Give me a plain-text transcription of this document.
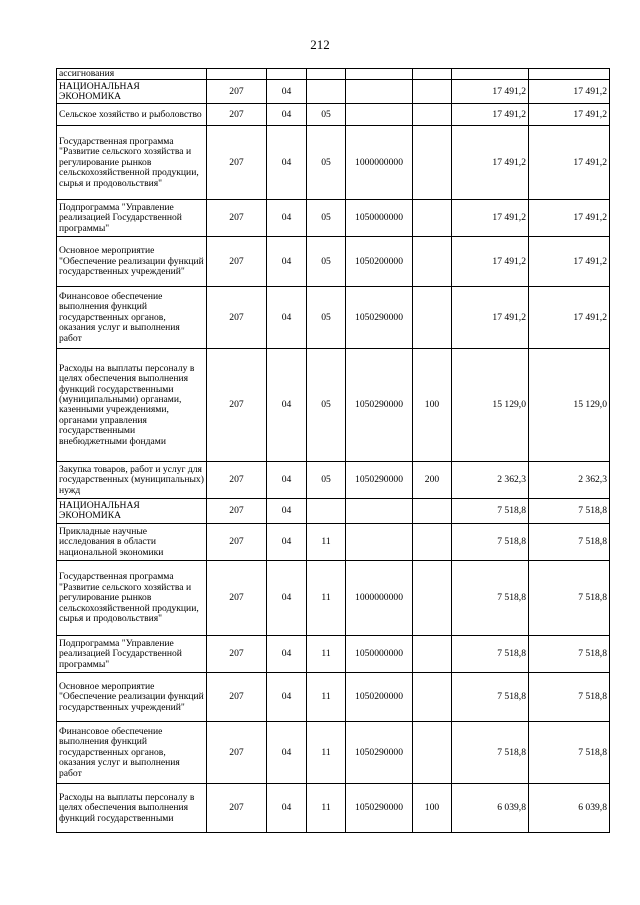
212
ассигнования							
НАЦИОНАЛЬНАЯ ЭКОНОМИКА	207	04				17 491,2	17 491,2
Сельское хозяйство и рыболовство	207	04	05			17 491,2	17 491,2
Государственная программа "Развитие сельского хозяйства и регулирование рынков сельскохозяйственной продукции, сырья и продовольствия"	207	04	05	1000000000		17 491,2	17 491,2
Подпрограмма "Управление реализацией Государственной программы"	207	04	05	1050000000		17 491,2	17 491,2
Основное мероприятие "Обеспечение реализации функций государственных учреждений"	207	04	05	1050200000		17 491,2	17 491,2
Финансовое обеспечение выполнения функций государственных органов, оказания услуг и выполнения работ	207	04	05	1050290000		17 491,2	17 491,2
Расходы на выплаты персоналу в целях обеспечения выполнения функций государственными (муниципальными) органами, казенными учреждениями, органами управления государственными внебюджетными фондами	207	04	05	1050290000	100	15 129,0	15 129,0
Закупка товаров, работ и услуг для государственных (муниципальных) нужд	207	04	05	1050290000	200	2 362,3	2 362,3
НАЦИОНАЛЬНАЯ ЭКОНОМИКА	207	04				7 518,8	7 518,8
Прикладные научные исследования в области национальной экономики	207	04	11			7 518,8	7 518,8
Государственная программа "Развитие сельского хозяйства и регулирование рынков сельскохозяйственной продукции, сырья и продовольствия"	207	04	11	1000000000		7 518,8	7 518,8
Подпрограмма "Управление реализацией Государственной программы"	207	04	11	1050000000		7 518,8	7 518,8
Основное мероприятие "Обеспечение реализации функций государственных учреждений"	207	04	11	1050200000		7 518,8	7 518,8
Финансовое обеспечение выполнения функций государственных органов, оказания услуг и выполнения работ	207	04	11	1050290000		7 518,8	7 518,8
Расходы на выплаты персоналу в целях обеспечения выполнения функций государственными	207	04	11	1050290000	100	6 039,8	6 039,8
